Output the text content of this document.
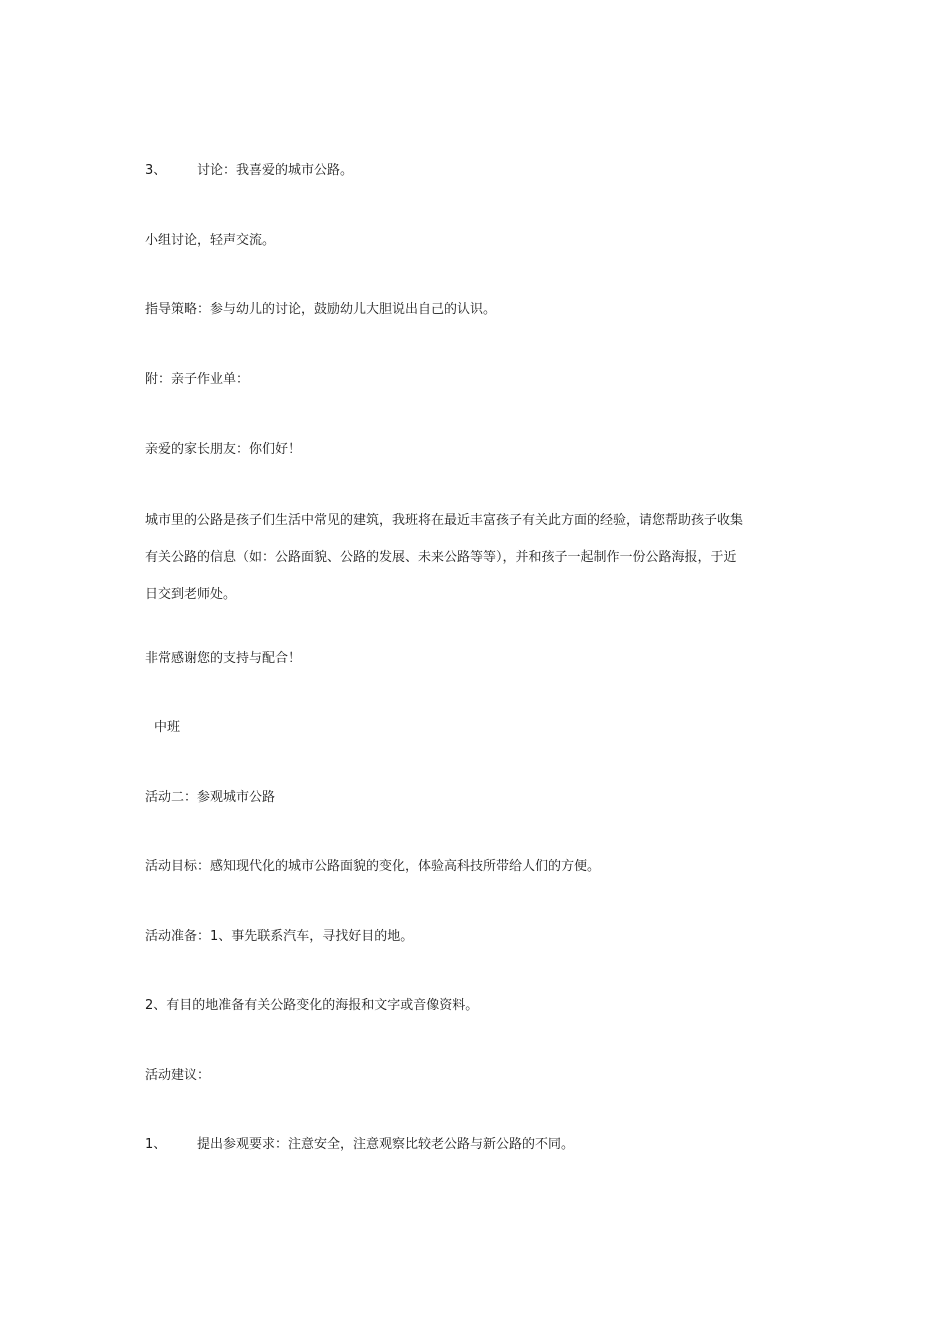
3、 讨论：我喜爱的城市公路。
小组讨论，轻声交流。
指导策略：参与幼儿的讨论，鼓励幼儿大胆说出自己的认识。
附：亲子作业单：
亲爱的家长朋友：你们好！
城市里的公路是孩子们生活中常见的建筑，我班将在最近丰富孩子有关此方面的经验，请您帮助孩子收集
有关公路的信息（如：公路面貌、公路的发展、未来公路等等），并和孩子一起制作一份公路海报，于近
日交到老师处。
非常感谢您的支持与配合！
中班
活动二：参观城市公路
活动目标：感知现代化的城市公路面貌的变化，体验高科技所带给人们的方便。
活动准备：1、事先联系汽车，寻找好目的地。
2、有目的地准备有关公路变化的海报和文字或音像资料。
活动建议：
1、 提出参观要求：注意安全，注意观察比较老公路与新公路的不同。
